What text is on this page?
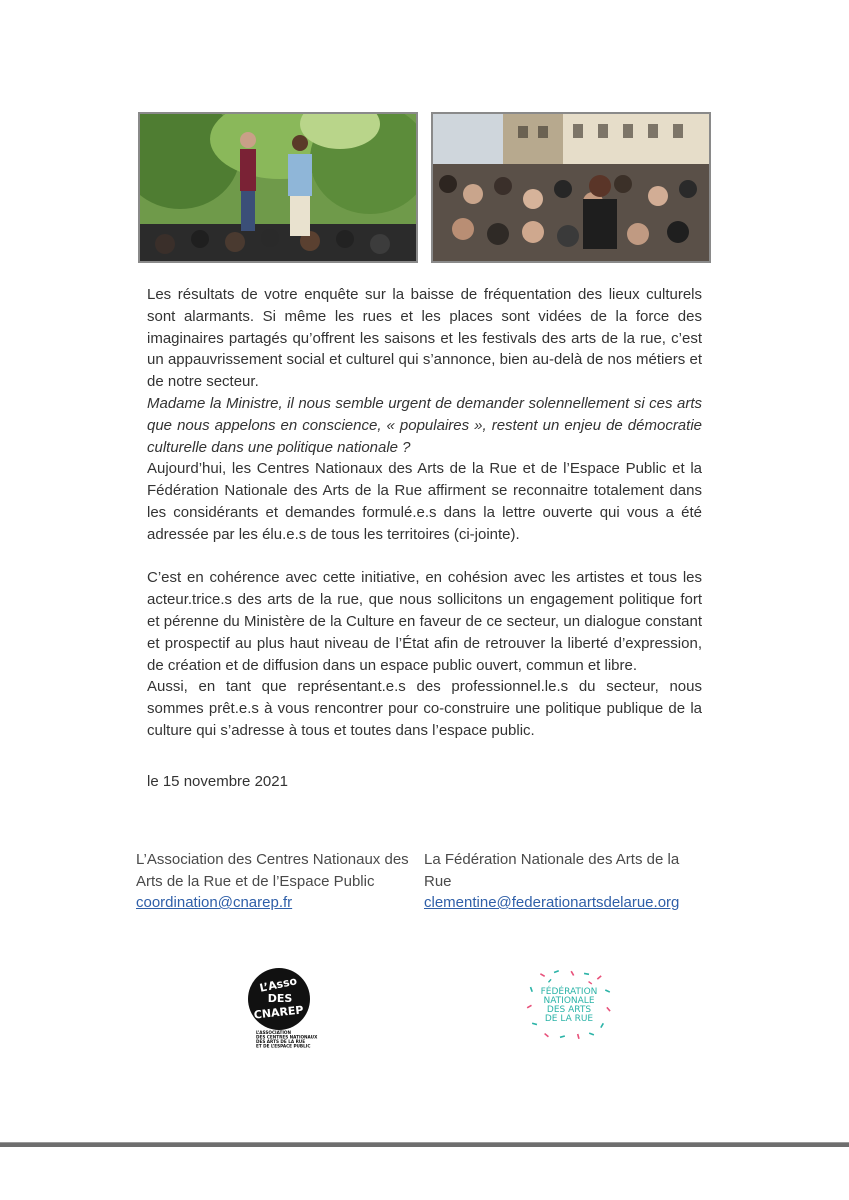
Les résultats de votre enquête sur la baisse de fréquentation des lieux culturels sont alarmants. Si même les rues et les places sont vidées de la force des imaginaires partagés qu’offrent les saisons et les festivals des arts de la rue, c’est un appauvrissement social et culturel qui s’annonce, bien au-delà de nos métiers et de notre secteur.

Madame la Ministre, il nous semble urgent de demander solennellement si ces arts que nous appelons en conscience, « populaires », restent un enjeu de démocratie culturelle dans une politique nationale ?

Aujourd’hui, les Centres Nationaux des Arts de la Rue et de l’Espace Public et la Fédération Nationale des Arts de la Rue affirment se reconnaitre totalement dans les considérants et demandes formulé.e.s dans la lettre ouverte qui vous a été adressée par les élu.e.s de tous les territoires (ci-jointe).

C’est en cohérence avec cette initiative, en cohésion avec les artistes et tous les acteur.trice.s des arts de la rue, que nous sollicitons un engagement politique fort et pérenne du Ministère de la Culture en faveur de ce secteur, un dialogue constant et prospectif au plus haut niveau de l’État afin de retrouver la liberté d’expression, de création et de diffusion dans un espace public ouvert, commun et libre.

Aussi, en tant que représentant.e.s des professionnel.le.s du secteur, nous sommes prêt.e.s à vous rencontrer pour co-construire une politique publique de la culture qui s’adresse à tous et toutes dans l’espace public.

le 15 novembre 2021
L’Association des Centres Nationaux des Arts de la Rue et de l’Espace Public
coordination@cnarep.fr
La Fédération Nationale des Arts de la Rue
clementine@federationartsdelarue.org
L’Asso
DES
CNAREP
L’ASSOCIATION
DES CENTRES NATIONAUX
DES ARTS DE LA RUE
ET DE L’ESPACE PUBLIC
FÉDÉRATION
NATIONALE
DES ARTS
DE LA RUE
